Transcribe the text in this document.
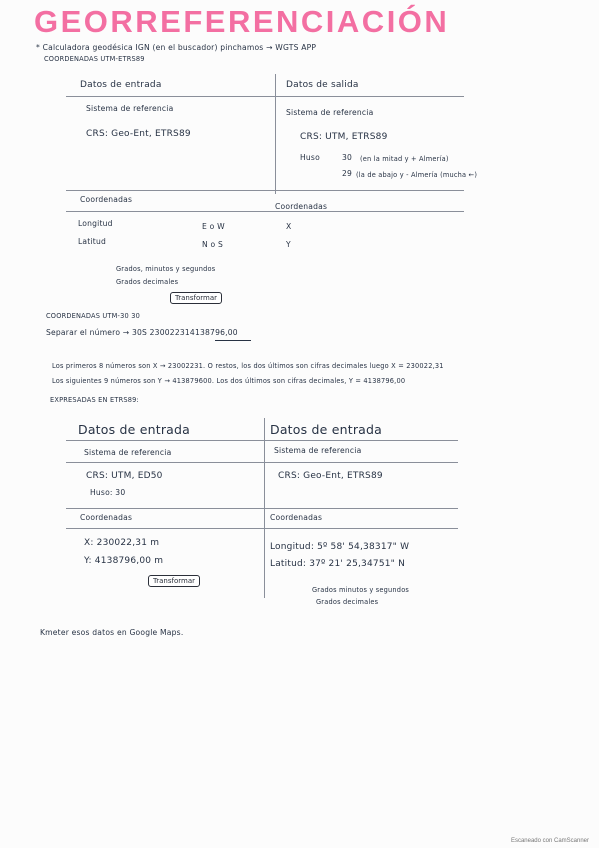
GEORREFERENCIACIÓN
* Calculadora geodésica IGN (en el buscador) pinchamos → WGTS APP
COORDENADAS UTM-ETRS89
Datos de entrada	Datos de salida
Sistema de referencia	Sistema de referencia
CRS: Geo-Ent, ETRS89	CRS: UTM, ETRS89
Huso	30 (en la mitad y + Almería)
29 (la de abajo y - Almería (mucha ←)
Coordenadas
Coordenadas
Longitud	E o W	X
Latitud	N o S	Y
Grados, minutos y segundos
Grados decimales
Transformar
COORDENADAS UTM-30 30
Separar el número → 30S 230022314138796,00
Los primeros 8 números son X → 23002231. O restos, los dos últimos son cifras decimales luego X = 230022,31
Los siguientes 9 números son Y → 413879600. Los dos últimos son cifras decimales, Y = 4138796,00
EXPRESADAS EN ETRS89:
Datos de entrada	Datos de entrada
Sistema de referencia	Sistema de referencia
CRS: UTM, ED50	CRS: Geo-Ent, ETRS89
Huso: 30
Coordenadas	Coordenadas
X: 230022,31 m
Y: 4138796,00 m
Longitud: 5º 58' 54,38317" W
Latitud: 37º 21' 25,34751" N
Transformar
Grados minutos y segundos
Grados decimales
Kmeter esos datos en Google Maps.
Escaneado con CamScanner
